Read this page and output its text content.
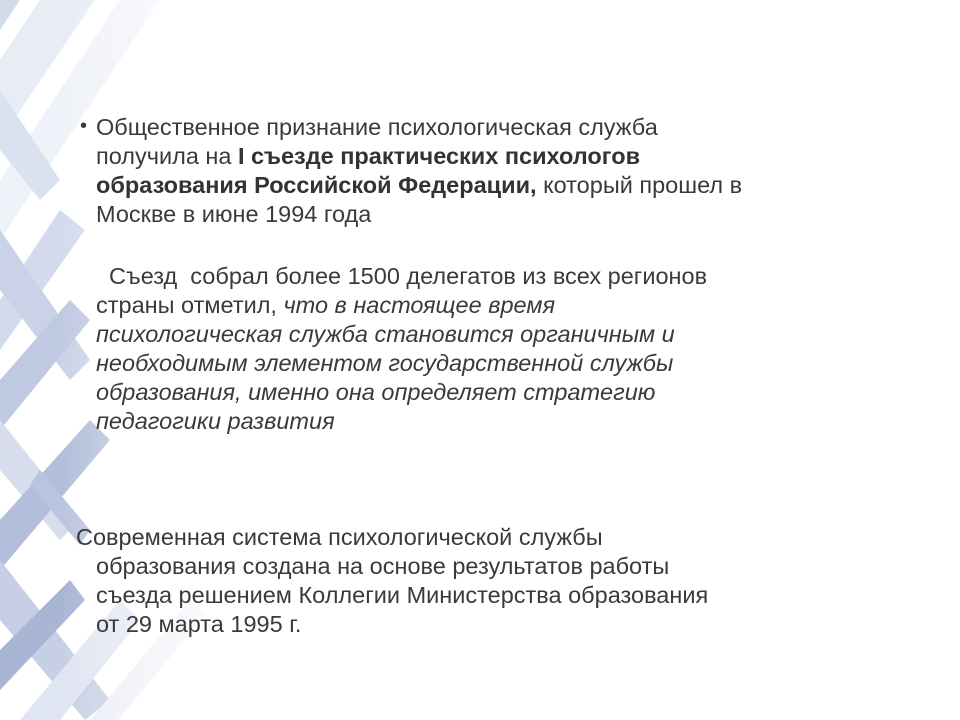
• Общественное признание психологическая служба
получила на I съезде практических психологов
образования Российской Федерации, который прошел в
Москве в июне 1994 года
Съезд  собрал более 1500 делегатов из всех регионов
страны отметил, что в настоящее время
психологическая служба становится органичным и
необходимым элементом государственной службы
образования, именно она определяет стратегию
педагогики развития
Современная система психологической службы
образования создана на основе результатов работы
съезда решением Коллегии Министерства образования
от 29 марта 1995 г.
